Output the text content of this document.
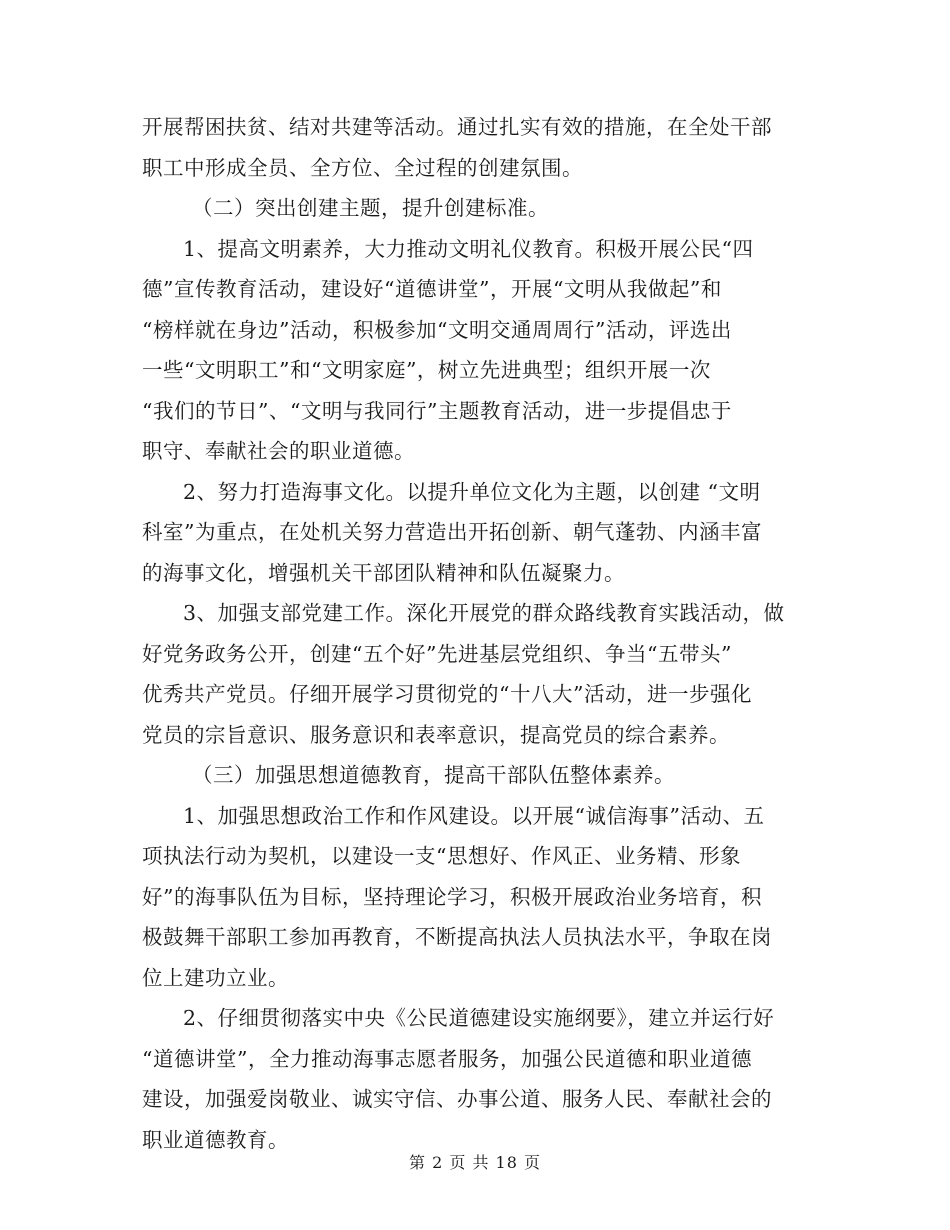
开展帮困扶贫、结对共建等活动。通过扎实有效的措施，在全处干部
职工中形成全员、全方位、全过程的创建氛围。
（二）突出创建主题，提升创建标准。
1、提高文明素养，大力推动文明礼仪教育。积极开展公民“四
德”宣传教育活动，建设好“道德讲堂”，开展“文明从我做起”和
“榜样就在身边”活动，积极参加“文明交通周周行”活动，评选出
一些“文明职工”和“文明家庭”，树立先进典型；组织开展一次
“我们的节日”、“文明与我同行”主题教育活动，进一步提倡忠于
职守、奉献社会的职业道德。
2、努力打造海事文化。以提升单位文化为主题，以创建 “文明
科室”为重点，在处机关努力营造出开拓创新、朝气蓬勃、内涵丰富
的海事文化，增强机关干部团队精神和队伍凝聚力。
3、加强支部党建工作。深化开展党的群众路线教育实践活动，做
好党务政务公开，创建“五个好”先进基层党组织、争当“五带头”
优秀共产党员。仔细开展学习贯彻党的“十八大”活动，进一步强化
党员的宗旨意识、服务意识和表率意识，提高党员的综合素养。
（三）加强思想道德教育，提高干部队伍整体素养。
1、加强思想政治工作和作风建设。以开展“诚信海事”活动、五
项执法行动为契机，以建设一支“思想好、作风正、业务精、形象
好”的海事队伍为目标，坚持理论学习，积极开展政治业务培育，积
极鼓舞干部职工参加再教育，不断提高执法人员执法水平，争取在岗
位上建功立业。
2、仔细贯彻落实中央《公民道德建设实施纲要》，建立并运行好
“道德讲堂”，全力推动海事志愿者服务，加强公民道德和职业道德
建设，加强爱岗敬业、诚实守信、办事公道、服务人民、奉献社会的
职业道德教育。
第 2 页 共 18 页
